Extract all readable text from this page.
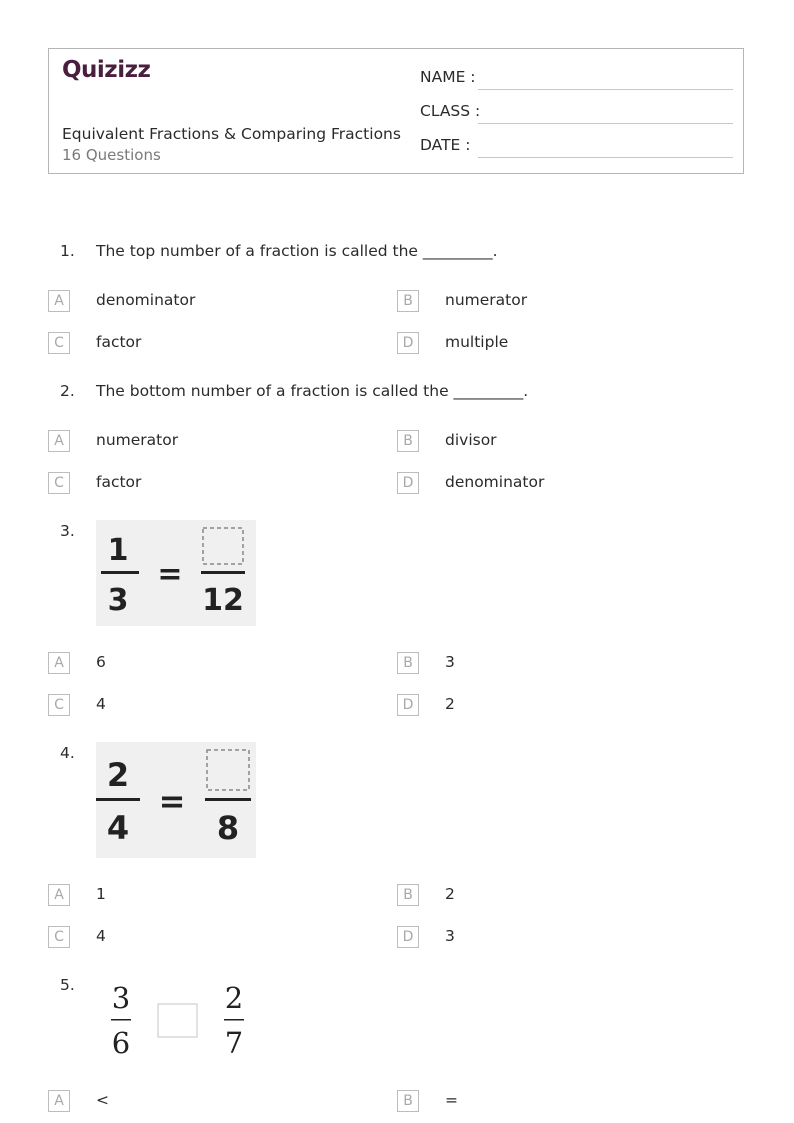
Quizizz
Equivalent Fractions & Comparing Fractions
16 Questions
NAME :
CLASS :
DATE :
1. The top number of a fraction is called the _________.
A	denominator	B	numerator
C	factor	D	multiple
2. The bottom number of a fraction is called the _________.
A	numerator	B	divisor
C	factor	D	denominator
3.
1
3
=
12
A	6	B	3
C	4	D	2
4.
2
4
=
8
A	1	B	2
C	4	D	3
5. 3
6
2
7
A	<	B	=
